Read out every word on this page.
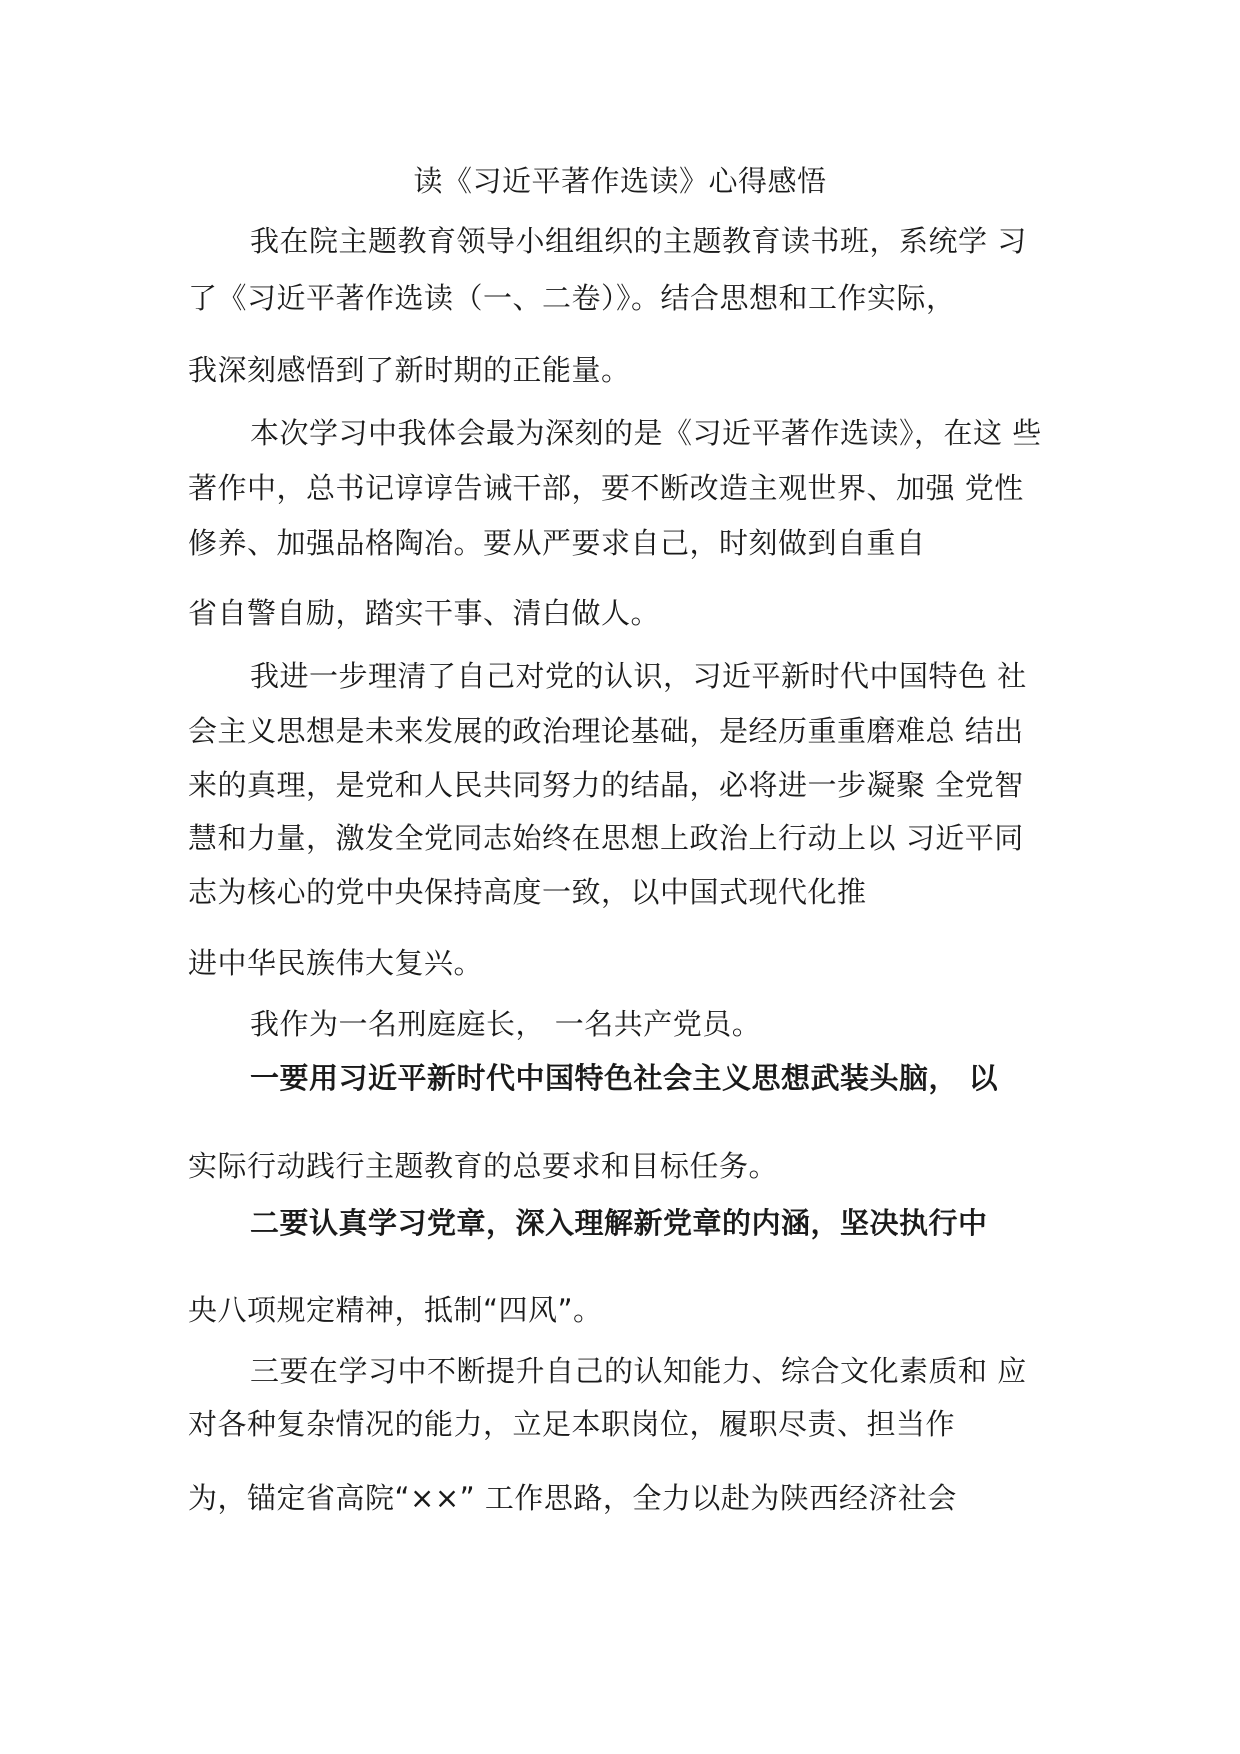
读《习近平著作选读》心得感悟
我在院主题教育领导小组组织的主题教育读书班，系统学 习
了《习近平著作选读（一、二卷）》。结合思想和工作实际，
我深刻感悟到了新时期的正能量。
本次学习中我体会最为深刻的是《习近平著作选读》，在这 些
著作中，总书记谆谆告诫干部，要不断改造主观世界、加强 党性
修养、加强品格陶冶。要从严要求自己，时刻做到自重自
省自警自励，踏实干事、清白做人。
我进一步理清了自己对党的认识，习近平新时代中国特色 社
会主义思想是未来发展的政治理论基础，是经历重重磨难总 结出
来的真理，是党和人民共同努力的结晶，必将进一步凝聚 全党智
慧和力量，激发全党同志始终在思想上政治上行动上以 习近平同
志为核心的党中央保持高度一致，以中国式现代化推
进中华民族伟大复兴。
我作为一名刑庭庭长， 一名共产党员。
一要用习近平新时代中国特色社会主义思想武装头脑， 以
实际行动践行主题教育的总要求和目标任务。
二要认真学习党章，深入理解新党章的内涵，坚决执行中
央八项规定精神，抵制“四风”。
三要在学习中不断提升自己的认知能力、综合文化素质和 应
对各种复杂情况的能力，立足本职岗位，履职尽责、担当作
为，锚定省高院“××” 工作思路，全力以赴为陕西经济社会
